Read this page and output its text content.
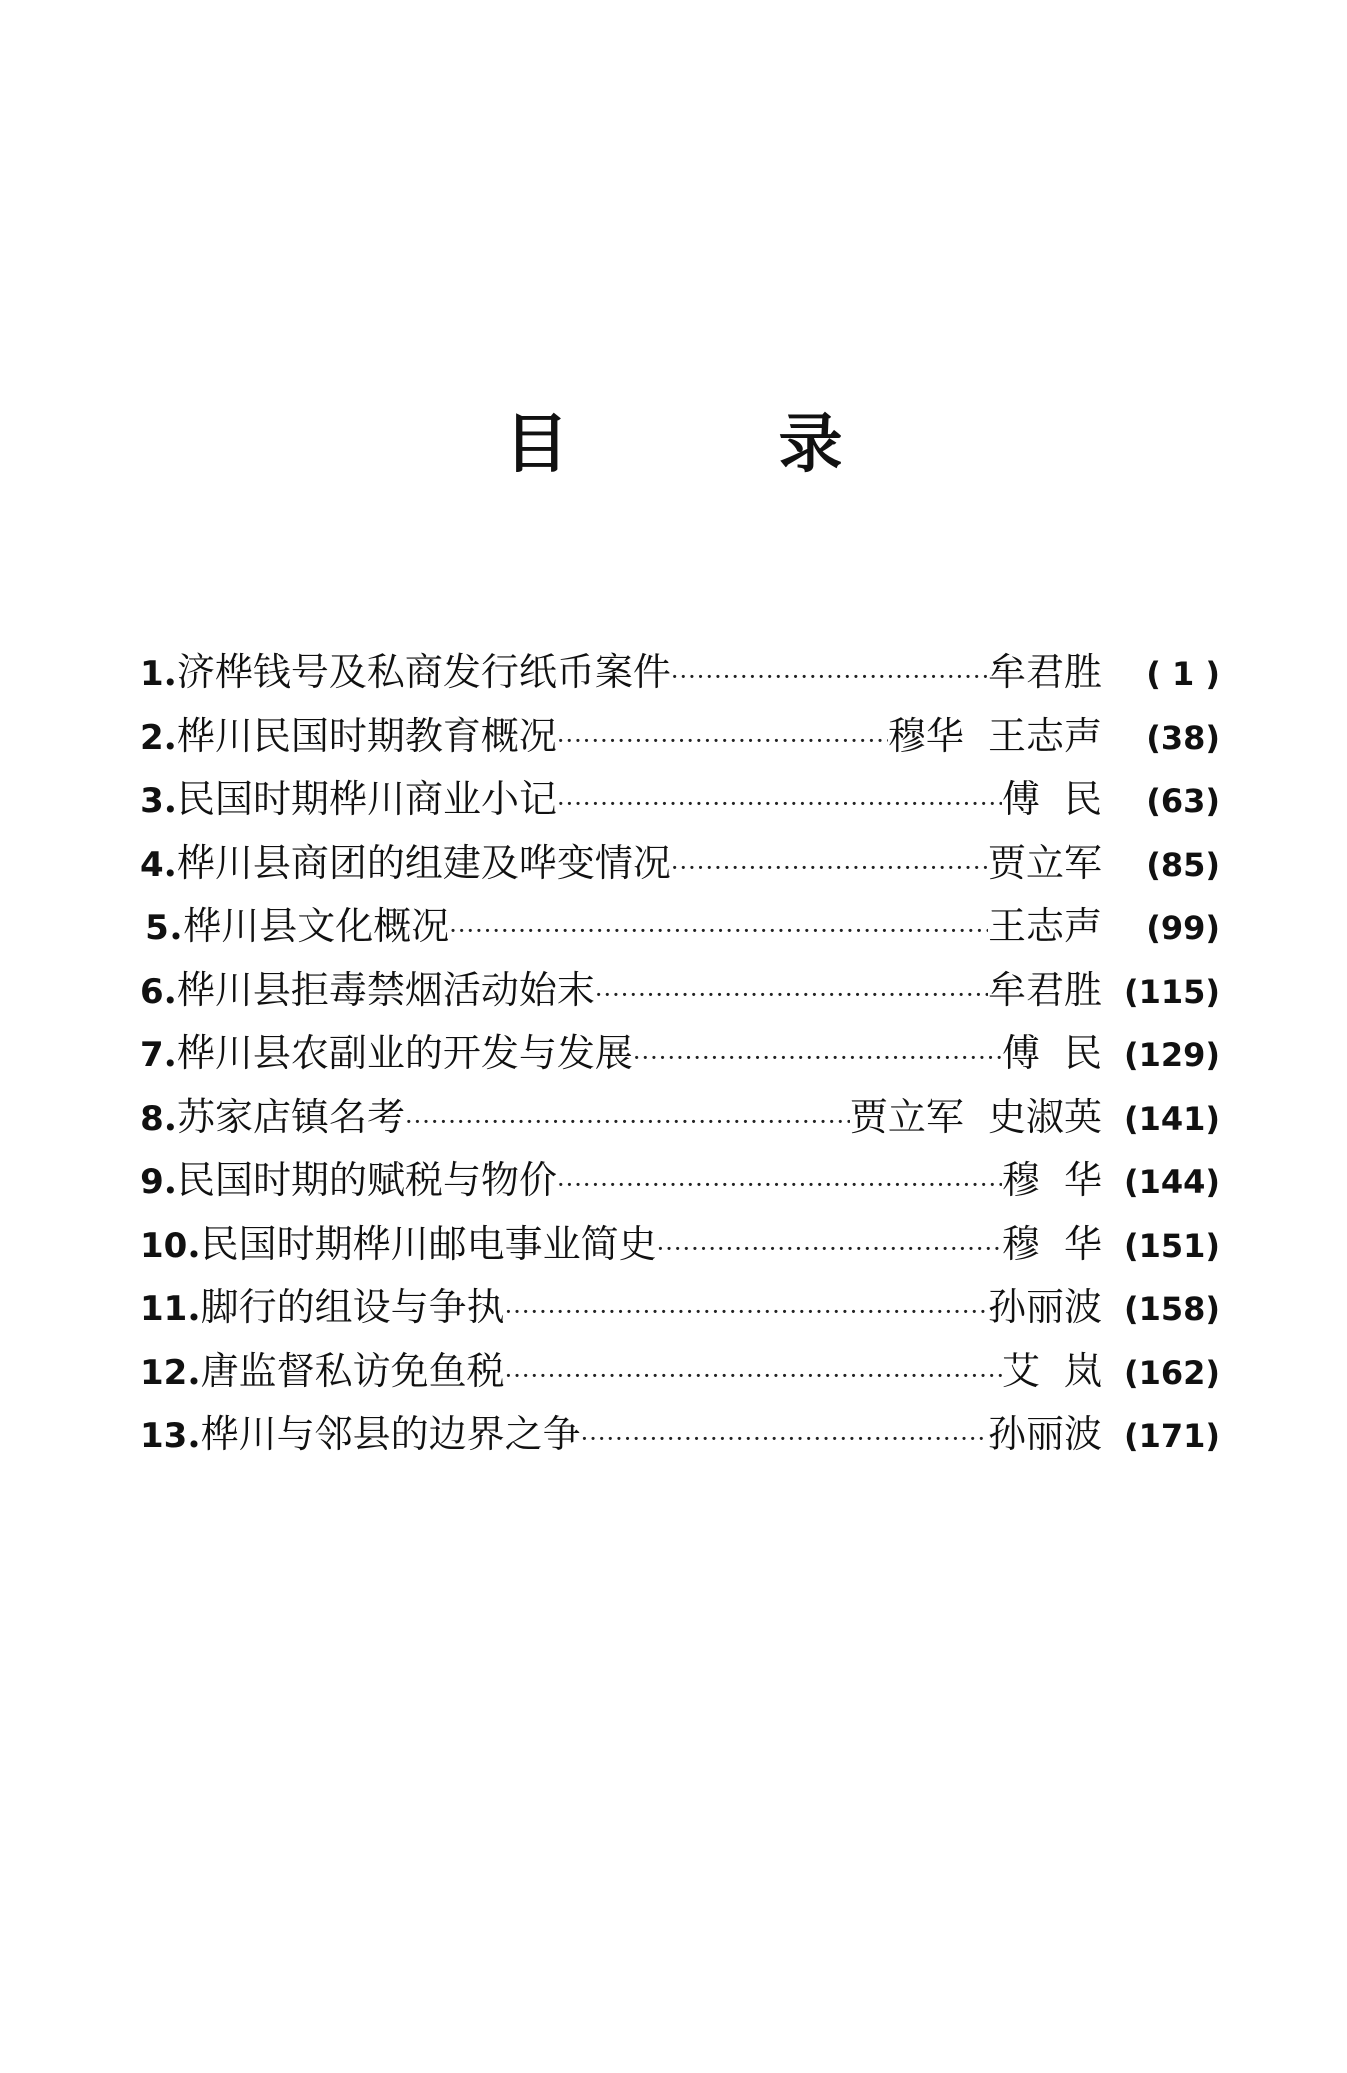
目	录
1 . 济桦钱号及私商发行纸币案件 ·····	牟君胜	( 1 )
2 . 桦川民国时期教育概况 ·····	穆华  王志声	(38)
3 . 民国时期桦川商业小记 ·····	傅  民	(63)
4 . 桦川县商团的组建及哗变情况 ·····	贾立军	(85)
5 . 桦川县文化概况 ·····	王志声	(99)
6 . 桦川县拒毒禁烟活动始末 ·····	牟君胜 (115)
7 . 桦川县农副业的开发与发展 ·····	傅  民 (129)
8 . 苏家店镇名考 ·····	贾立军  史淑英 (141)
9 . 民国时期的赋税与物价 ·····	穆  华 (144)
10 . 民国时期桦川邮电事业简史 ·····	穆  华 (151)
11 . 脚行的组设与争执 ·····	孙丽波 (158)
12 . 唐监督私访免鱼税 ·····	艾  岚 (162)
13 . 桦川与邻县的边界之争 ·····	孙丽波 (171)
